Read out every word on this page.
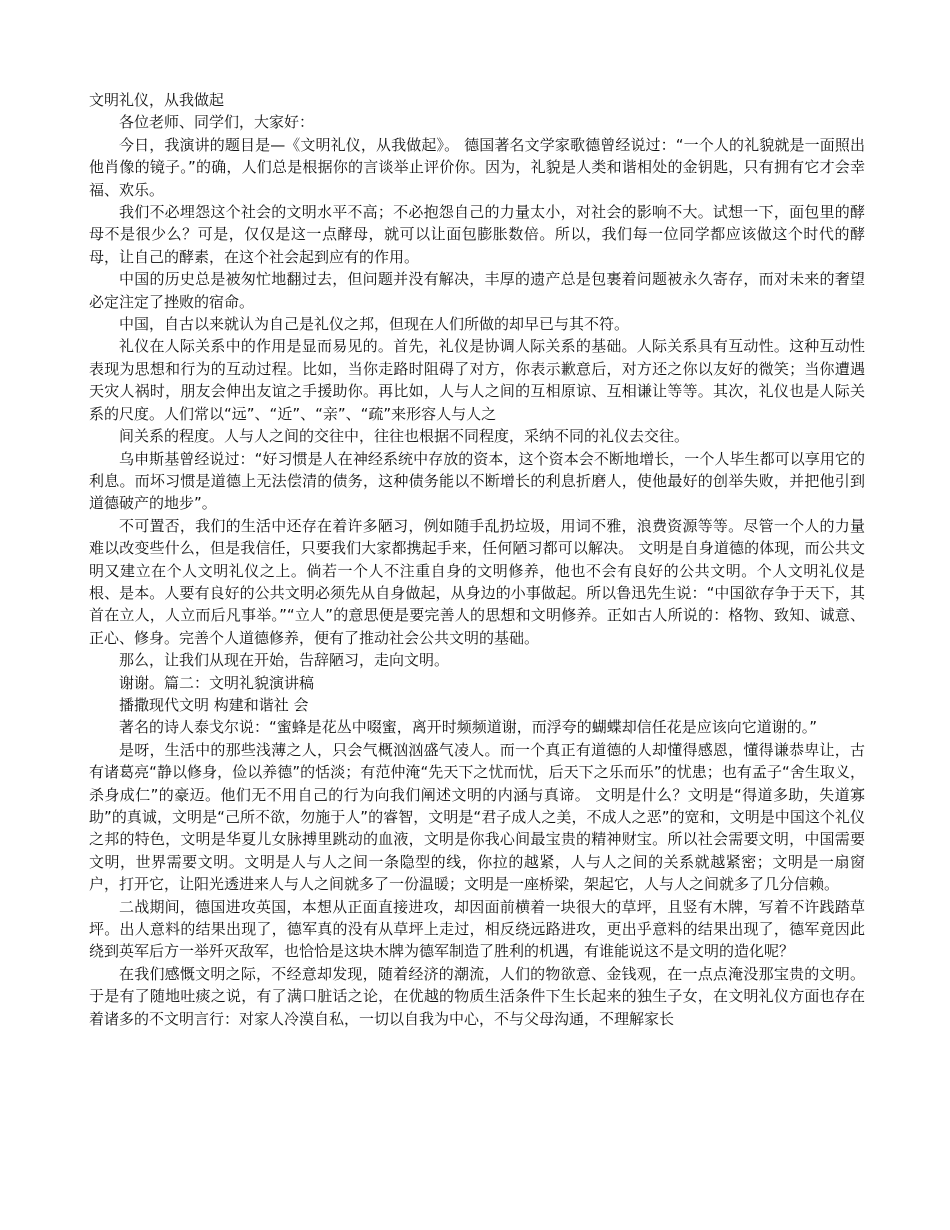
文明礼仪，从我做起

各位老师、同学们，大家好：

今日，我演讲的题目是—《文明礼仪，从我做起》。 德国著名文学家歌德曾经说过：“一个人的礼貌就是一面照出他肖像的镜子。”的确，人们总是根据你的言谈举止评价你。因为，礼貌是人类和谐相处的金钥匙，只有拥有它才会幸福、欢乐。

我们不必埋怨这个社会的文明水平不高；不必抱怨自己的力量太小，对社会的影响不大。试想一下，面包里的酵母不是很少么？可是，仅仅是这一点酵母，就可以让面包膨胀数倍。所以，我们每一位同学都应该做这个时代的酵母，让自己的酵素，在这个社会起到应有的作用。

中国的历史总是被匆忙地翻过去，但问题并没有解决，丰厚的遗产总是包裹着问题被永久寄存，而对未来的奢望必定注定了挫败的宿命。

中国，自古以来就认为自己是礼仪之邦，但现在人们所做的却早已与其不符。

礼仪在人际关系中的作用是显而易见的。首先，礼仪是协调人际关系的基础。人际关系具有互动性。这种互动性表现为思想和行为的互动过程。比如，当你走路时阻碍了对方，你表示歉意后，对方还之你以友好的微笑；当你遭遇天灾人祸时，朋友会伸出友谊之手援助你。再比如，人与人之间的互相原谅、互相谦让等等。其次，礼仪也是人际关系的尺度。人们常以“远”、“近”、“亲”、“疏”来形容人与人之

间关系的程度。人与人之间的交往中，往往也根据不同程度，采纳不同的礼仪去交往。

乌申斯基曾经说过：“好习惯是人在神经系统中存放的资本，这个资本会不断地增长，一个人毕生都可以享用它的利息。而坏习惯是道德上无法偿清的债务，这种债务能以不断增长的利息折磨人，使他最好的创举失败，并把他引到道德破产的地步”。

不可置否，我们的生活中还存在着许多陋习，例如随手乱扔垃圾，用词不雅，浪费资源等等。尽管一个人的力量难以改变些什么，但是我信任，只要我们大家都携起手来，任何陋习都可以解决。 文明是自身道德的体现，而公共文明又建立在个人文明礼仪之上。倘若一个人不注重自身的文明修养，他也不会有良好的公共文明。个人文明礼仪是根、是本。人要有良好的公共文明必须先从自身做起，从身边的小事做起。所以鲁迅先生说：“中国欲存争于天下，其首在立人，人立而后凡事举。”“立人”的意思便是要完善人的思想和文明修养。正如古人所说的：格物、致知、诚意、正心、修身。完善个人道德修养，便有了推动社会公共文明的基础。

那么，让我们从现在开始，告辞陋习，走向文明。

谢谢。篇二：文明礼貌演讲稿

播撒现代文明 构建和谐社 会

著名的诗人泰戈尔说：“蜜蜂是花丛中啜蜜，离开时频频道谢，而浮夸的蝴蝶却信任花是应该向它道谢的。”

是呀，生活中的那些浅薄之人，只会气概汹汹盛气凌人。而一个真正有道德的人却懂得感恩，懂得谦恭卑让，古有诸葛亮“静以修身，俭以养德”的恬淡；有范仲淹“先天下之忧而忧，后天下之乐而乐”的忧患；也有孟子“舍生取义，杀身成仁”的豪迈。他们无不用自己的行为向我们阐述文明的内涵与真谛。 文明是什么？文明是“得道多助，失道寡助”的真诚，文明是“己所不欲，勿施于人”的睿智，文明是“君子成人之美，不成人之恶”的宽和，文明是中国这个礼仪之邦的特色，文明是华夏儿女脉搏里跳动的血液，文明是你我心间最宝贵的精神财宝。所以社会需要文明，中国需要文明，世界需要文明。文明是人与人之间一条隐型的线，你拉的越紧，人与人之间的关系就越紧密；文明是一扇窗户，打开它，让阳光透进来人与人之间就多了一份温暖；文明是一座桥梁，架起它，人与人之间就多了几分信赖。

二战期间，德国进攻英国，本想从正面直接进攻，却因面前横着一块很大的草坪，且竖有木牌，写着不许践踏草坪。出人意料的结果出现了，德军真的没有从草坪上走过，相反绕远路进攻，更出乎意料的结果出现了，德军竟因此绕到英军后方一举歼灭敌军，也恰恰是这块木牌为德军制造了胜利的机遇，有谁能说这不是文明的造化呢？

在我们感慨文明之际，不经意却发现，随着经济的潮流，人们的物欲意、金钱观，在一点点淹没那宝贵的文明。于是有了随地吐痰之说，有了满口脏话之论，在优越的物质生活条件下生长起来的独生子女，在文明礼仪方面也存在着诸多的不文明言行：对家人冷漠自私，一切以自我为中心，不与父母沟通，不理解家长
